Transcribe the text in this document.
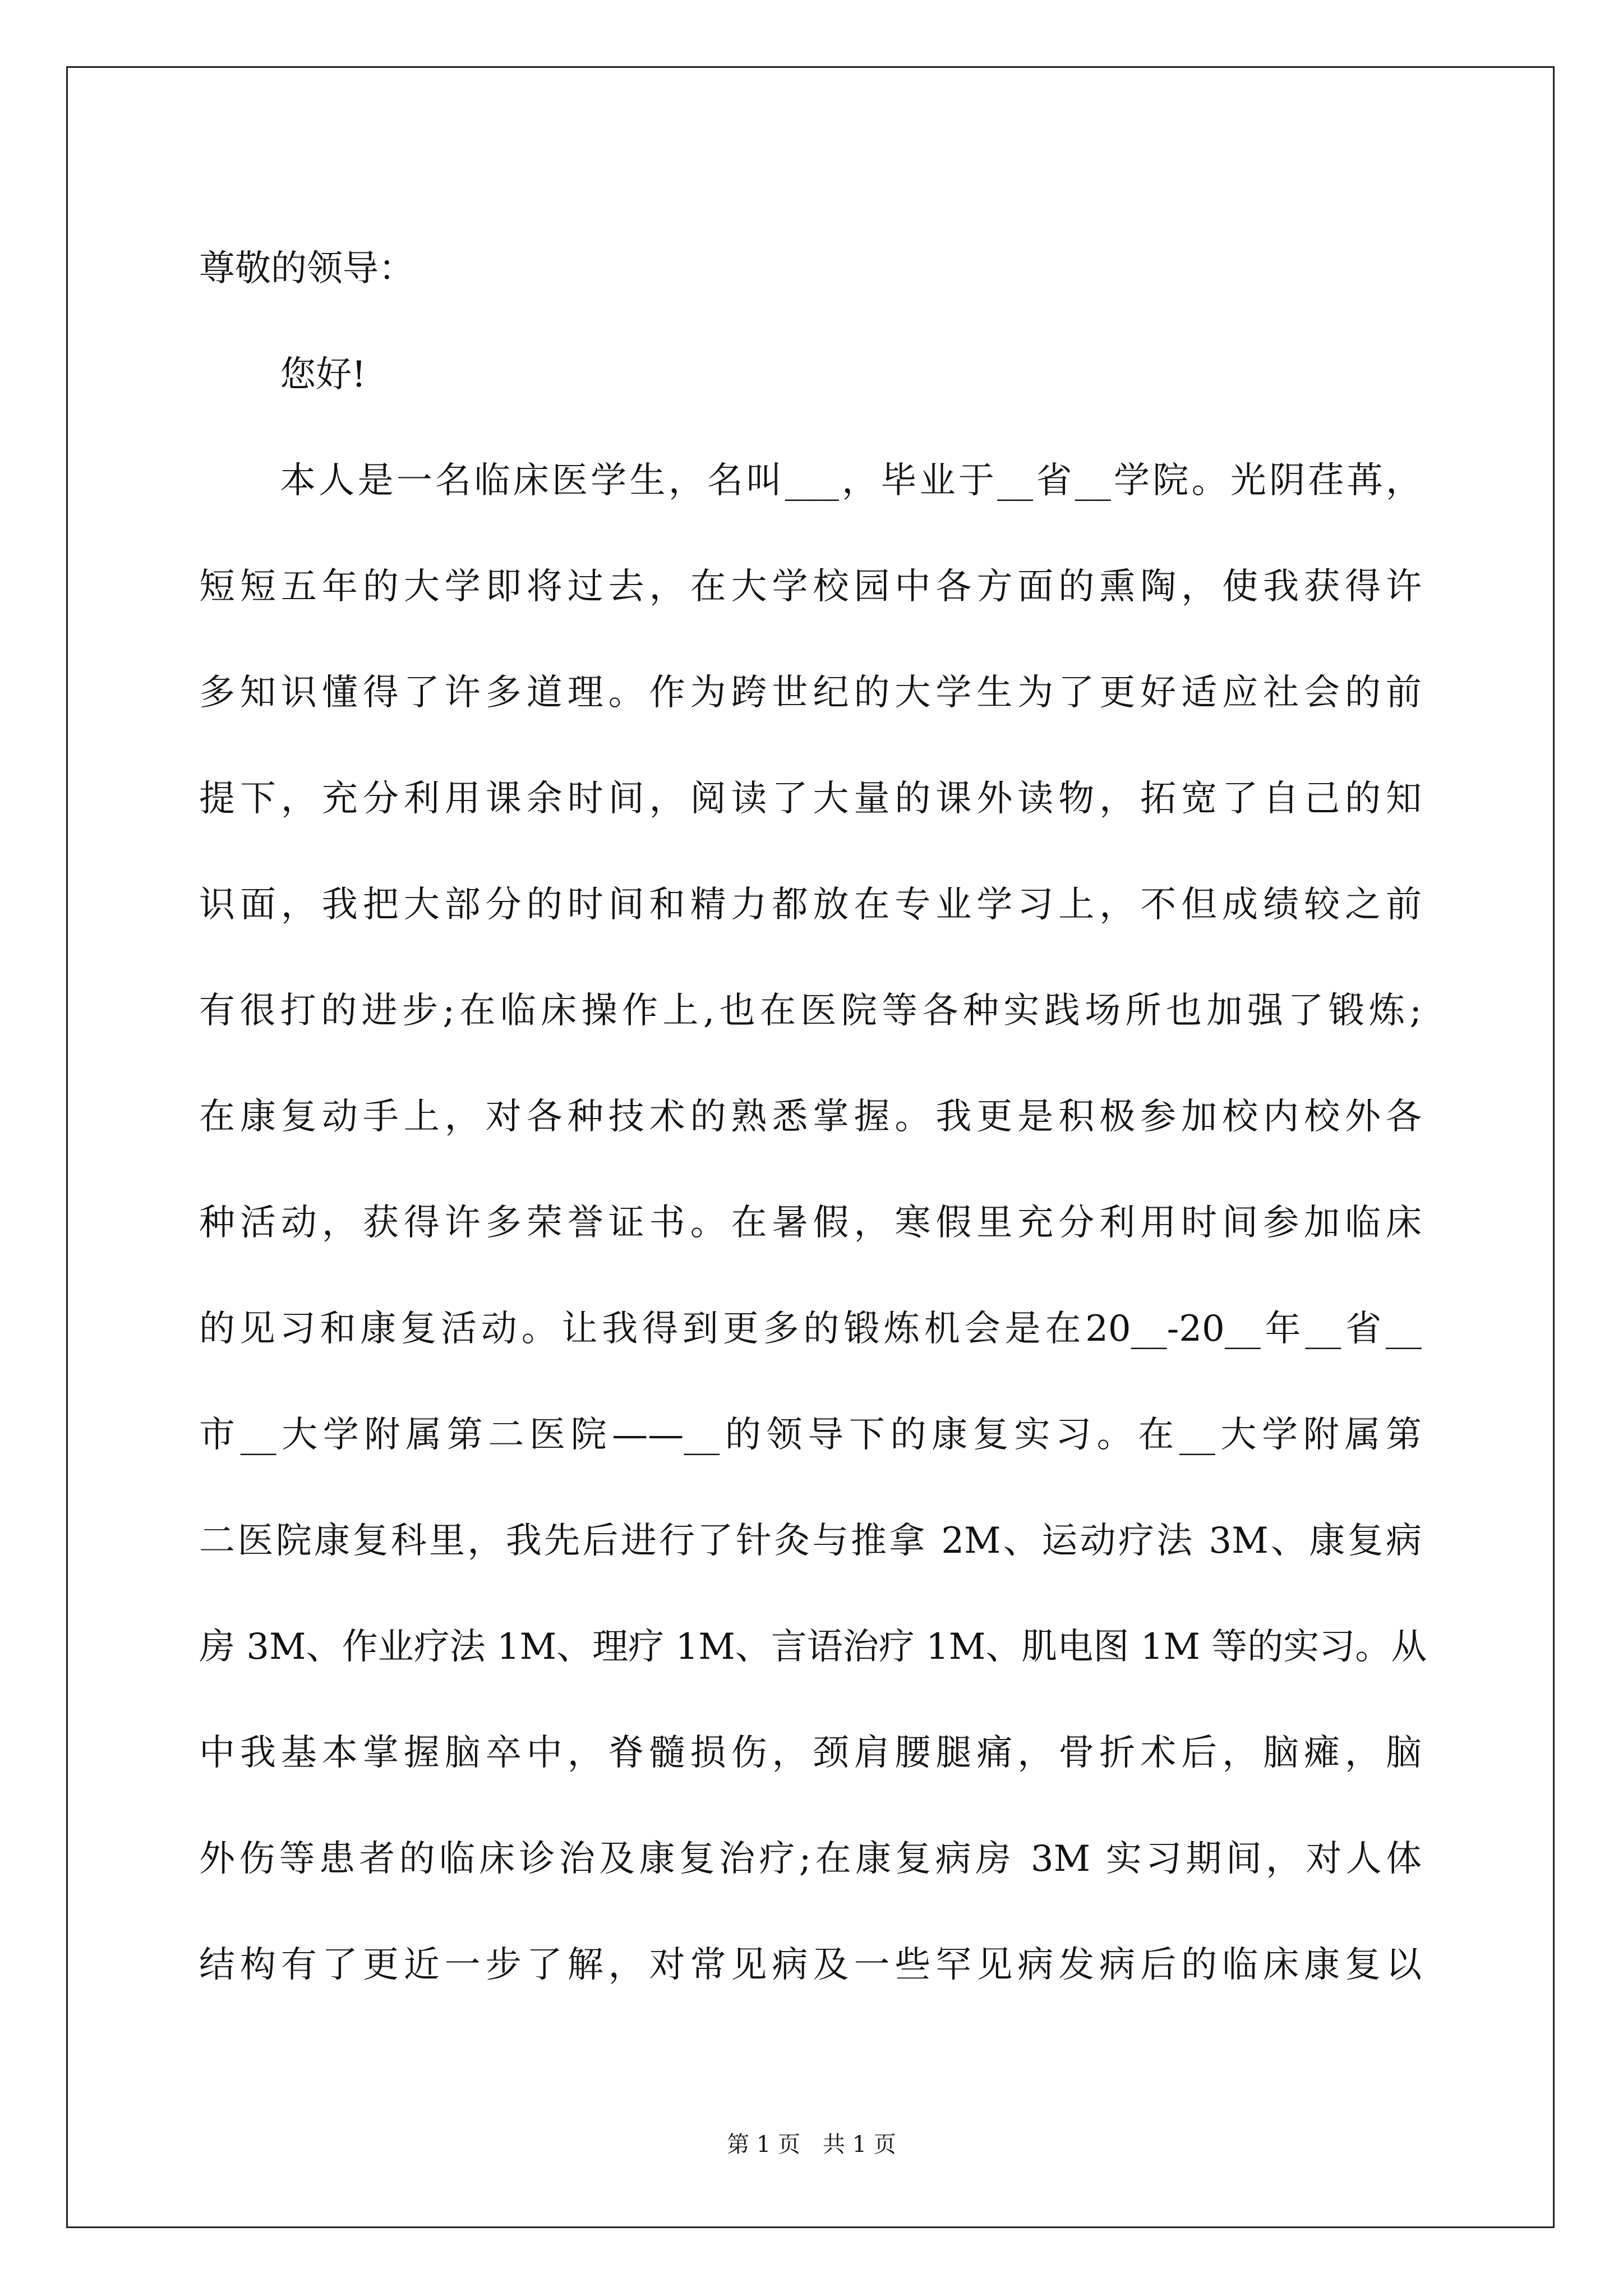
尊敬的领导：
您好!
本人是一名临床医学生，名叫___，毕业于__省__学院。光阴荏苒，
短短五年的大学即将过去，在大学校园中各方面的熏陶，使我获得许
多知识懂得了许多道理。作为跨世纪的大学生为了更好适应社会的前
提下，充分利用课余时间，阅读了大量的课外读物，拓宽了自己的知
识面，我把大部分的时间和精力都放在专业学习上，不但成绩较之前
有很打的进步;在临床操作上,也在医院等各种实践场所也加强了锻炼;
在康复动手上，对各种技术的熟悉掌握。我更是积极参加校内校外各
种活动，获得许多荣誉证书。在暑假，寒假里充分利用时间参加临床
的见习和康复活动。让我得到更多的锻炼机会是在20__-20__年__省__
市__大学附属第二医院——__的领导下的康复实习。在__大学附属第
二医院康复科里，我先后进行了针灸与推拿 2M、运动疗法 3M、康复病
房 3M、作业疗法 1M、理疗 1M、言语治疗 1M、肌电图 1M 等的实习。从
中我基本掌握脑卒中，脊髓损伤，颈肩腰腿痛，骨折术后，脑瘫，脑
外伤等患者的临床诊治及康复治疗;在康复病房 3M 实习期间，对人体
结构有了更近一步了解，对常见病及一些罕见病发病后的临床康复以
第 1 页　共 1 页
